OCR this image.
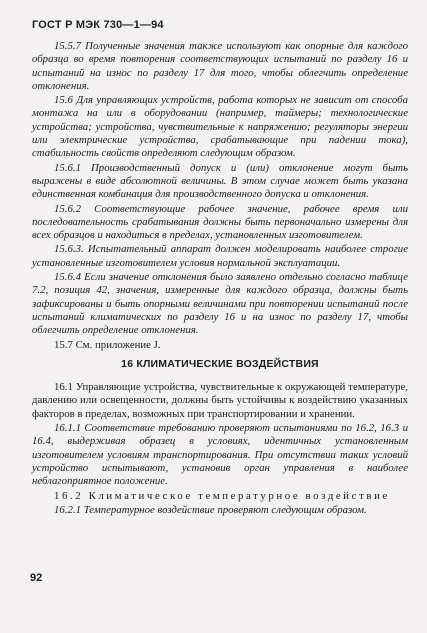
ГОСТ Р МЭК 730—1—94

15.5.7 Полученные значения также используют как опорные для каждого образца во время повторения соответствующих испытаний по разделу 16 и испытаний на износ по разделу 17 для того, чтобы облегчить определение отклонения.

15.6 Для управляющих устройств, работа которых не зависит от способа монтажа на или в оборудовании (например, таймеры; технологические устройства; устройства, чувствительные к напряжению; регуляторы энергии или электрические устройства, срабатывающие при падении тока), стабильность свойств определяют следующим образом.

15.6.1 Производственный допуск и (или) отклонение могут быть выражены в виде абсолютной величины. В этом случае может быть указана единственная комбинация для производственного допуска и отклонения.

15.6.2 Соответствующие рабочее значение, рабочее время или последовательность срабатывания должны быть первоначально измерены для всех образцов и находиться в пределах, установленных изготовителем.

15.6.3. Испытательный аппарат должен моделировать наиболее строгие установленные изготовителем условия нормальной эксплуатации.

15.6.4 Если значение отклонения было заявлено отдельно согласно таблице 7.2, позиция 42, значения, измеренные для каждого образца, должны быть зафиксированы и быть опорными величинами при повторении испытаний после испытаний климатических по разделу 16 и на износ по разделу 17, чтобы облегчить определение отклонения.

15.7 См. приложение J.

16 КЛИМАТИЧЕСКИЕ ВОЗДЕЙСТВИЯ

16.1 Управляющие устройства, чувствительные к окружающей температуре, давлению или освещенности, должны быть устойчивы к воздействию указанных факторов в пределах, возможных при транспортировании и хранении.

16.1.1 Соответствие требованию проверяют испытаниями по 16.2, 16.3 и 16.4, выдерживая образец в условиях, идентичных установленным изготовителем условиям транспортирования. При отсутствии таких условий устройство испытывают, установив орган управления в наиболее неблагоприятное положение.

16.2 Климатическое температурное воздействие

16.2.1 Температурное воздействие проверяют следующим образом.

92
